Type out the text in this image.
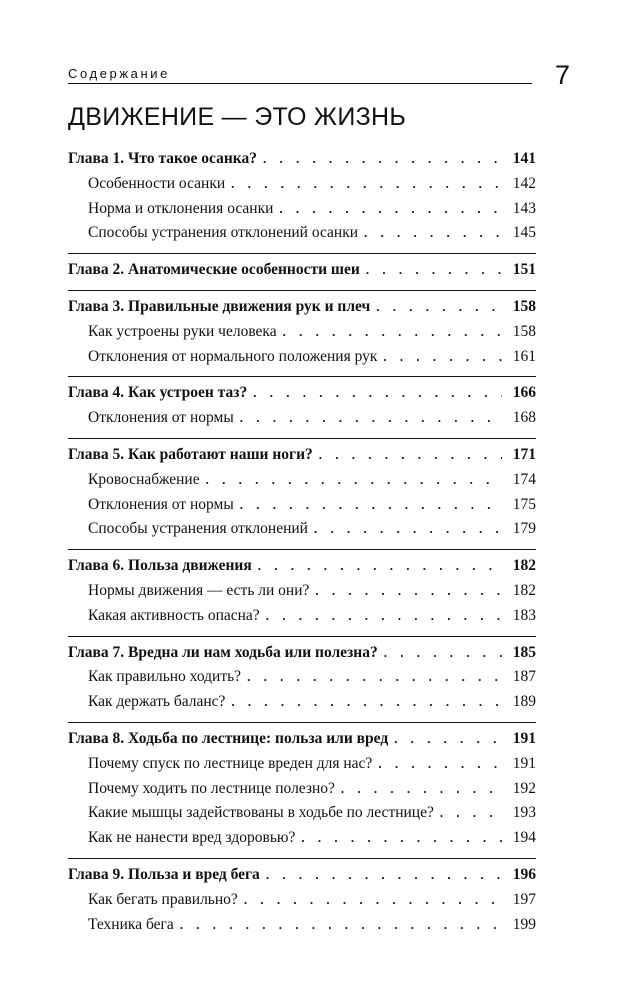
Содержание	7
ДВИЖЕНИЕ — ЭТО ЖИЗНЬ
Глава 1. Что такое осанка? . . .	141
Особенности осанки . . .	142
Норма и отклонения осанки . . .	143
Способы устранения отклонений осанки . . .	145
Глава 2. Анатомические особенности шеи . . .	151
Глава 3. Правильные движения рук и плеч . . .	158
Как устроены руки человека . . .	158
Отклонения от нормального положения рук . . .	161
Глава 4. Как устроен таз? . . .	166
Отклонения от нормы . . .	168
Глава 5. Как работают наши ноги? . . .	171
Кровоснабжение . . .	174
Отклонения от нормы . . .	175
Способы устранения отклонений . . .	179
Глава 6. Польза движения . . .	182
Нормы движения — есть ли они? . . .	182
Какая активность опасна? . . .	183
Глава 7. Вредна ли нам ходьба или полезна? . . .	185
Как правильно ходить? . . .	187
Как держать баланс? . . .	189
Глава 8. Ходьба по лестнице: польза или вред . . .	191
Почему спуск по лестнице вреден для нас? . . .	191
Почему ходить по лестнице полезно? . . .	192
Какие мышцы задействованы в ходьбе по лестнице? . . .	193
Как не нанести вред здоровью? . . .	194
Глава 9. Польза и вред бега . . .	196
Как бегать правильно? . . .	197
Техника бега . . .	199
